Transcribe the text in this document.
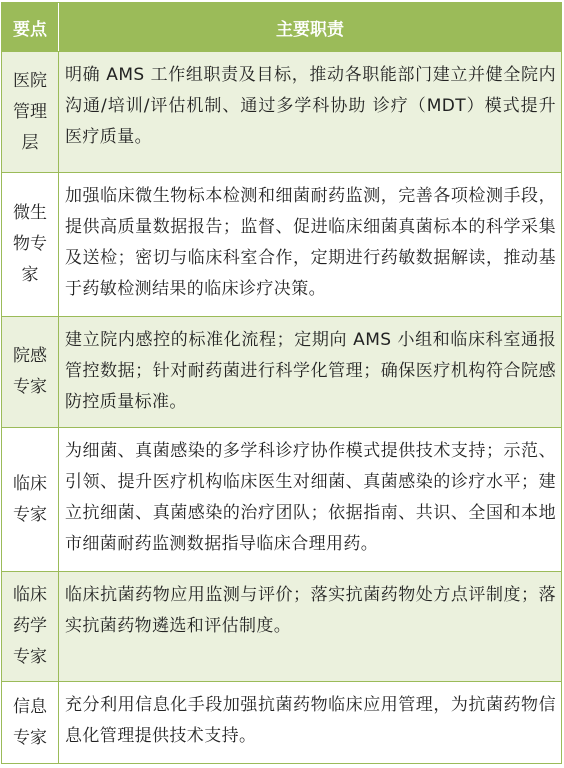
要点	主要职责
医院管理层
明确 AMS 工作组职责及目标，推动各职能部门建立并健全院内沟通/培训/评估机制、通过多学科协助 诊疗（MDT）模式提升医疗质量。
微生物专家
加强临床微生物标本检测和细菌耐药监测，完善各项检测手段，提供高质量数据报告；监督、促进临床细菌真菌标本的科学采集及送检；密切与临床科室合作，定期进行药敏数据解读，推动基于药敏检测结果的临床诊疗决策。
院感专家
建立院内感控的标准化流程；定期向 AMS 小组和临床科室通报管控数据；针对耐药菌进行科学化管理；确保医疗机构符合院感防控质量标准。
临床专家
为细菌、真菌感染的多学科诊疗协作模式提供技术支持；示范、引领、提升医疗机构临床医生对细菌、真菌感染的诊疗水平；建立抗细菌、真菌感染的治疗团队；依据指南、共识、全国和本地市细菌耐药监测数据指导临床合理用药。
临床药学专家
临床抗菌药物应用监测与评价；落实抗菌药物处方点评制度；落实抗菌药物遴选和评估制度。
信息专家
充分利用信息化手段加强抗菌药物临床应用管理，为抗菌药物信息化管理提供技术支持。
